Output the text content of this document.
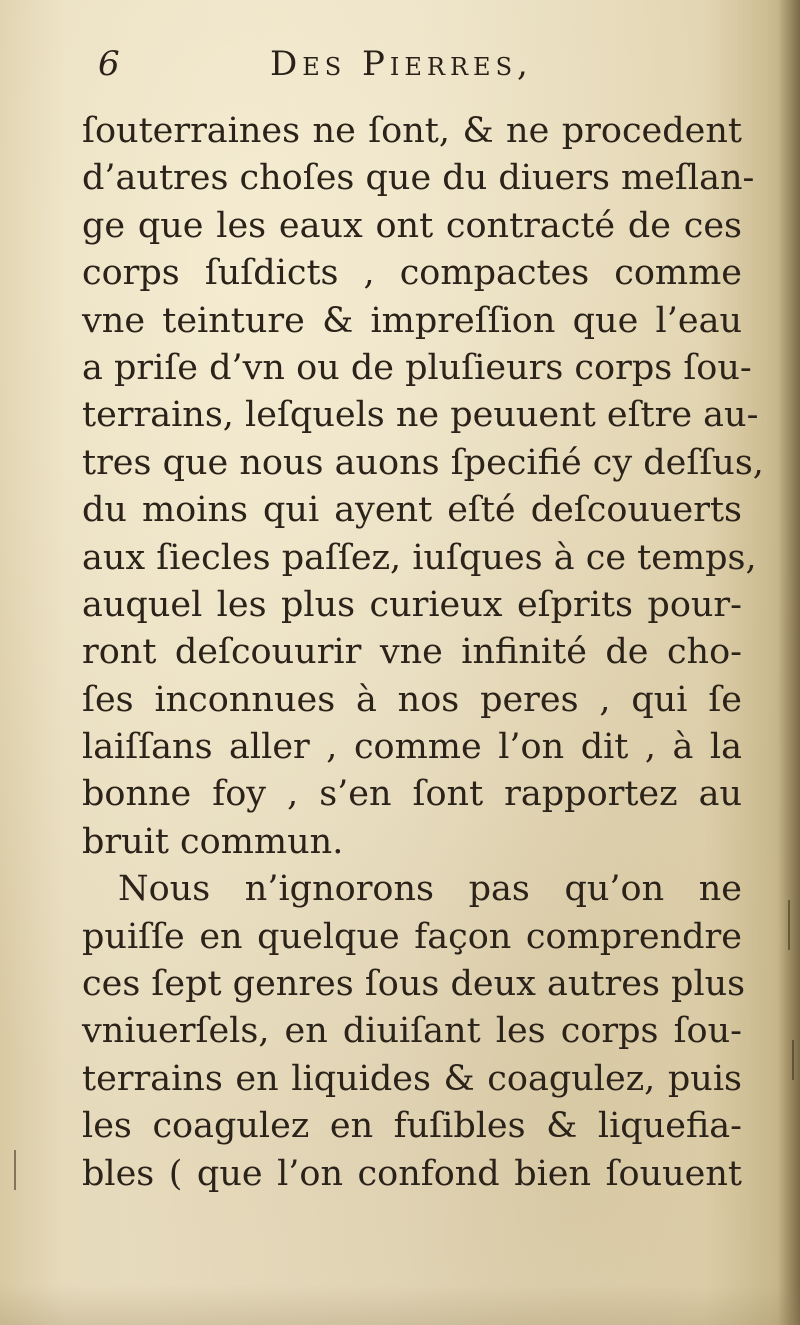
6	Des Pierres,
ſouterraines ne ſont, & ne procedent
d’autres choſes que du diuers meſlan-
ge que les eaux ont contracté de ces
corps ſuſdicts , compactes comme
vne teinture & impreſſion que l’eau
a priſe d’vn ou de pluſieurs corps ſou-
terrains, leſquels ne peuuent eſtre au-
tres que nous auons ſpecifié cy deſſus,
du moins qui ayent eſté deſcouuerts
aux ſiecles paſſez, iuſques à ce temps,
auquel les plus curieux eſprits pour-
ront deſcouurir vne infinité de cho-
ſes inconnues à nos peres , qui ſe
laiſſans aller , comme l’on dit , à la
bonne foy , s’en ſont rapportez au
bruit commun.
Nous n’ignorons pas qu’on ne
puiſſe en quelque façon comprendre
ces ſept genres ſous deux autres plus
vniuerſels, en diuiſant les corps ſou-
terrains en liquides & coagulez, puis
les coagulez en fuſibles & liquefia-
bles ( que l’on confond bien ſouuent
